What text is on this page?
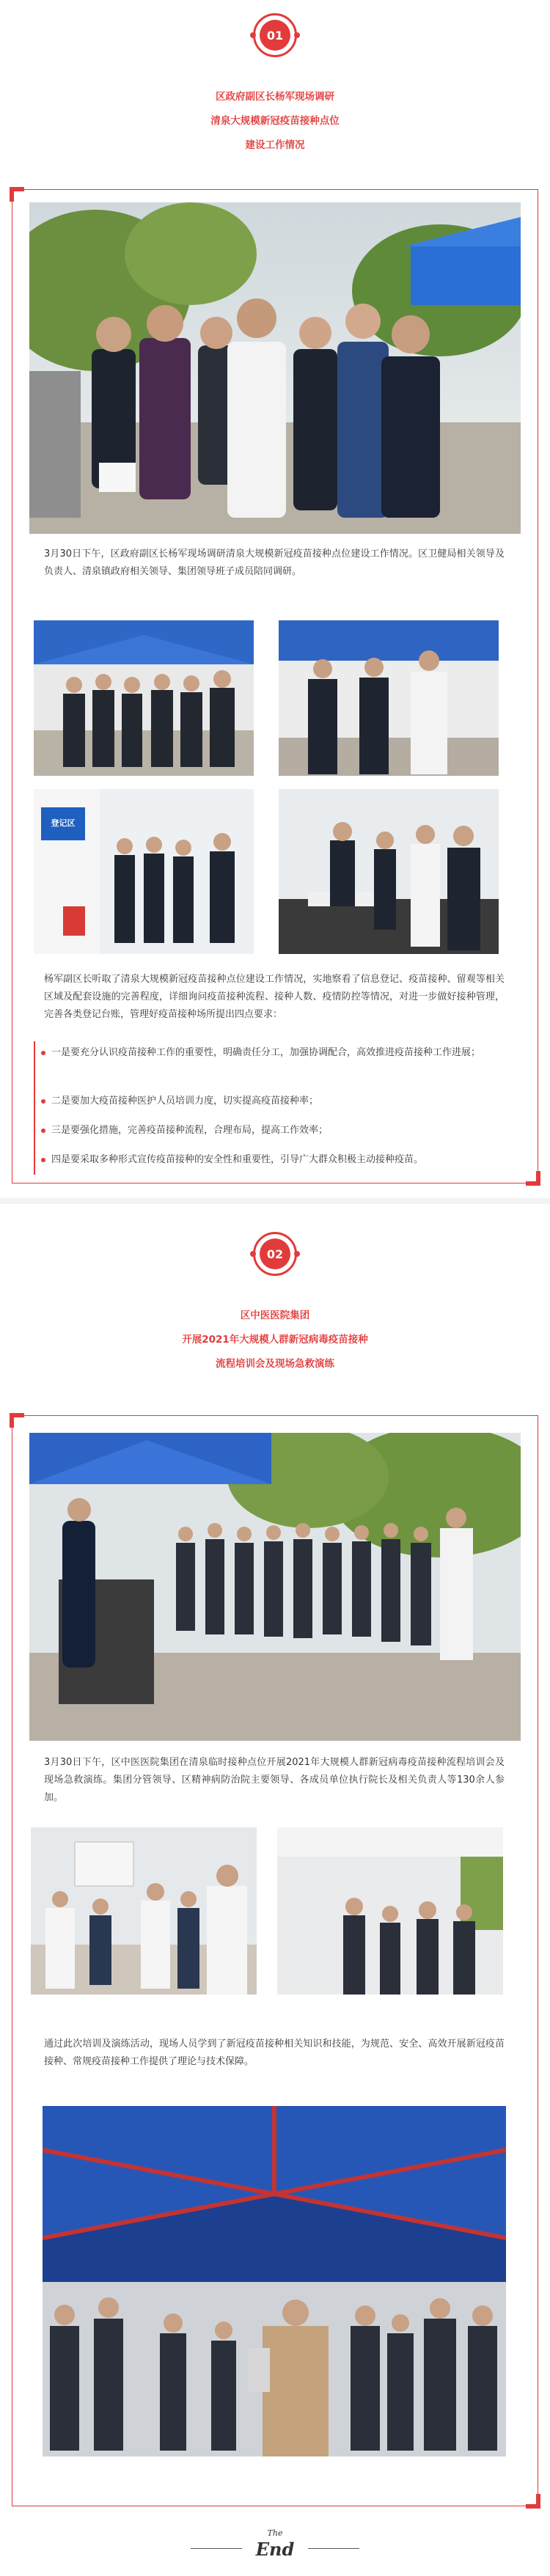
01
区政府副区长杨军现场调研
清泉大规模新冠疫苗接种点位
建设工作情况
3月30日下午，区政府副区长杨军现场调研清泉大规模新冠疫苗接种点位建设工作情况。区卫健局相关领导及负责人、清泉镇政府相关领导、集团领导班子成员陪同调研。
登记区
杨军副区长听取了清泉大规模新冠疫苗接种点位建设工作情况，实地察看了信息登记、疫苗接种、留观等相关区域及配套设施的完善程度，详细询问疫苗接种流程、接种人数、疫情防控等情况，对进一步做好接种管理，完善各类登记台账，管理好疫苗接种场所提出四点要求：
一是要充分认识疫苗接种工作的重要性，明确责任分工，加强协调配合，高效推进疫苗接种工作进展；
二是要加大疫苗接种医护人员培训力度，切实提高疫苗接种率；
三是要强化措施，完善疫苗接种流程，合理布局，提高工作效率；
四是要采取多种形式宣传疫苗接种的安全性和重要性，引导广大群众积极主动接种疫苗。
02
区中医医院集团
开展2021年大规模人群新冠病毒疫苗接种
流程培训会及现场急救演练
3月30日下午，区中医医院集团在清泉临时接种点位开展2021年大规模人群新冠病毒疫苗接种流程培训会及现场急救演练。集团分管领导、区精神病防治院主要领导、各成员单位执行院长及相关负责人等130余人参加。
通过此次培训及演练活动，现场人员学到了新冠疫苗接种相关知识和技能，为规范、安全、高效开展新冠疫苗接种、常规疫苗接种工作提供了理论与技术保障。
The
End
